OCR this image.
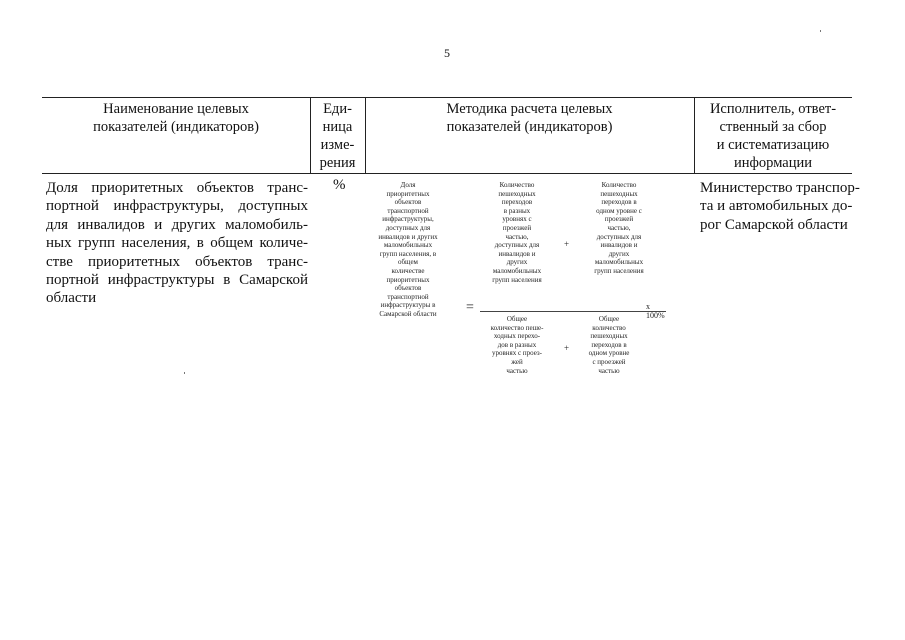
5
Наименование целевых
показателей (индикаторов)
Еди-
ница
изме-
рения
Методика расчета целевых
показателей (индикаторов)
Исполнитель, ответ-
ственный за сбор
и систематизацию
информации
Доля приоритетных объектов транс-
портной инфраструктуры, доступных
для инвалидов и других маломобиль-
ных групп населения, в общем количе-
стве приоритетных объектов транс-
портной инфраструктуры в Самарской
области
%	Министерство транспор-
та и автомобильных до-
рог Самарской области
Доля
приоритетных
объектов
транспортной
инфраструктуры,
доступных для
инвалидов и других
маломобильных
групп населения, в
общем
количестве
приоритетных
объектов
транспортной
инфраструктуры в
Самарской области	=
Количество
пешеходных
переходов
в разных
уровнях с
проезжей
частью,
доступных для
инвалидов и
других
маломобильных
групп населения
+
Количество
пешеходных
переходов в
одном уровне с
проезжей
частью,
доступных для
инвалидов и
других
маломобильных
групп населения
x 100%
Общее
количество пеше-
ходных перехо-
дов в разных
уровнях с проез-
жей
частью
+
Общее
количество
пешеходных
переходов в
одном уровне
с проезжей
частью
